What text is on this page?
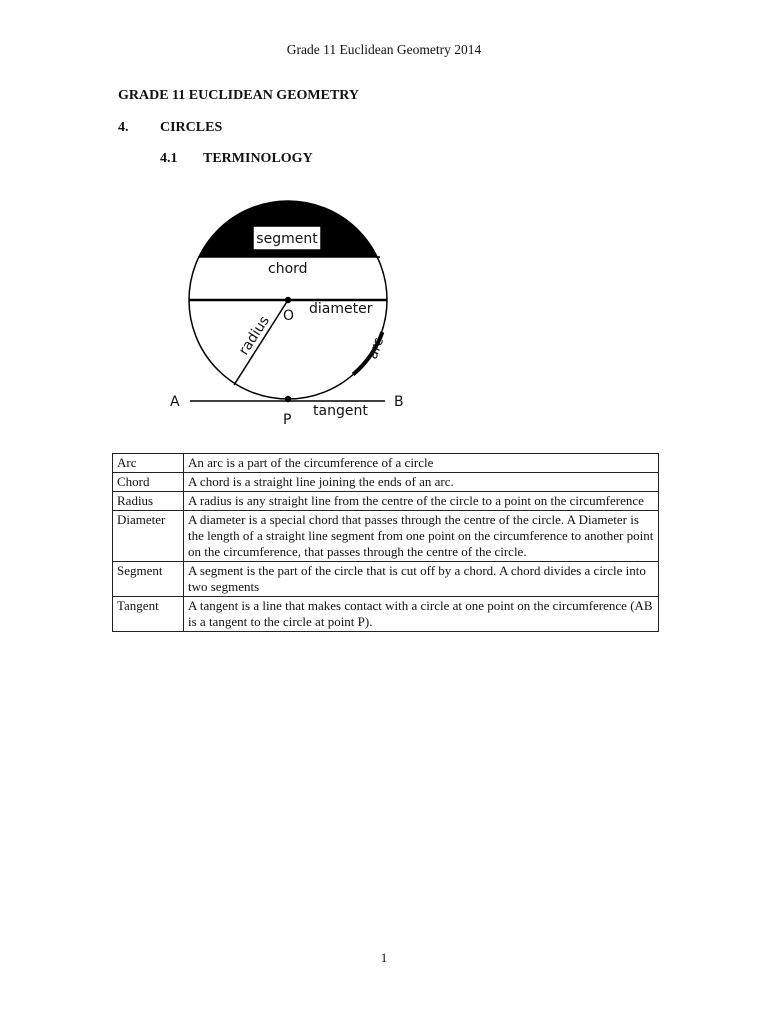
Grade 11 Euclidean Geometry 2014
GRADE 11 EUCLIDEAN GEOMETRY
4. CIRCLES
4.1 TERMINOLOGY
segment
chord
O diameter
radius	arc
A	B
P
tangent
Arc	An arc is a part of the circumference of a circle
Chord	A chord is a straight line joining the ends of an arc.
Radius	A radius is any straight line from the centre of the circle to a point on the circumference
Diameter	A diameter is a special chord that passes through the centre of the circle. A Diameter is the length of a straight line segment from one point on the circumference to another point on the circumference, that passes through the centre of the circle.
Segment	A segment is the part of the circle that is cut off by a chord. A chord divides a circle into two segments
Tangent	A tangent is a line that makes contact with a circle at one point on the circumference (AB is a tangent to the circle at point P).
1
